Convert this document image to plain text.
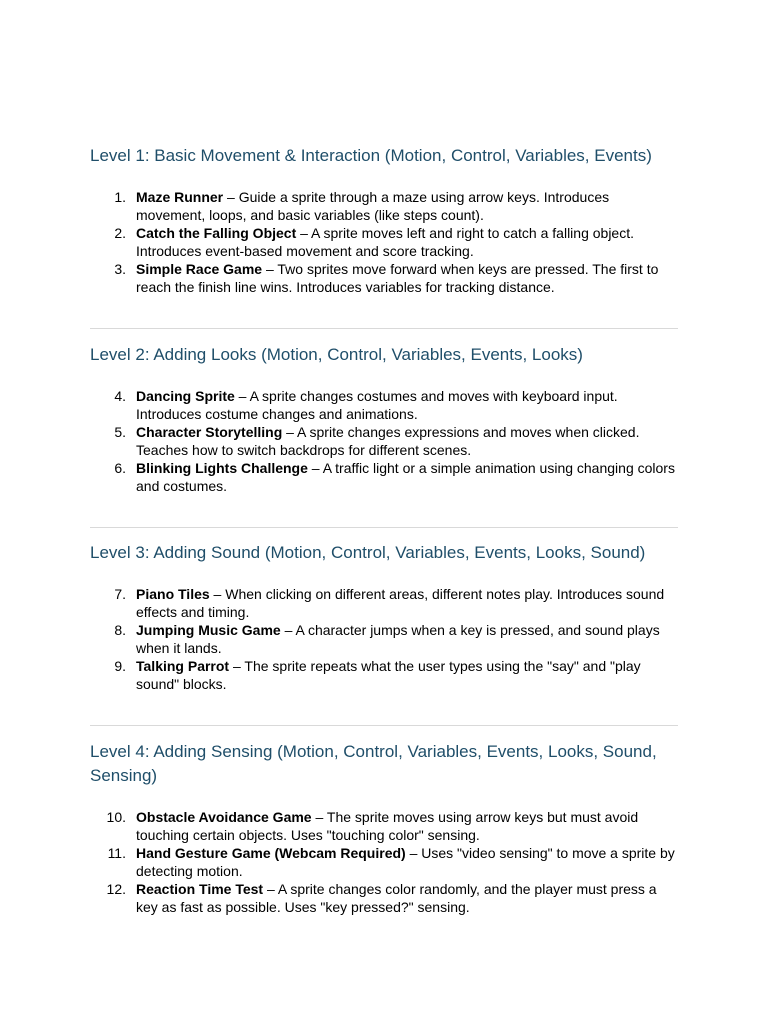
Level 1: Basic Movement & Interaction (Motion, Control, Variables, Events)
1. Maze Runner – Guide a sprite through a maze using arrow keys. Introduces movement, loops, and basic variables (like steps count).
2. Catch the Falling Object – A sprite moves left and right to catch a falling object. Introduces event-based movement and score tracking.
3. Simple Race Game – Two sprites move forward when keys are pressed. The first to reach the finish line wins. Introduces variables for tracking distance.
Level 2: Adding Looks (Motion, Control, Variables, Events, Looks)
4. Dancing Sprite – A sprite changes costumes and moves with keyboard input. Introduces costume changes and animations.
5. Character Storytelling – A sprite changes expressions and moves when clicked. Teaches how to switch backdrops for different scenes.
6. Blinking Lights Challenge – A traffic light or a simple animation using changing colors and costumes.
Level 3: Adding Sound (Motion, Control, Variables, Events, Looks, Sound)
7. Piano Tiles – When clicking on different areas, different notes play. Introduces sound effects and timing.
8. Jumping Music Game – A character jumps when a key is pressed, and sound plays when it lands.
9. Talking Parrot – The sprite repeats what the user types using the "say" and "play sound" blocks.
Level 4: Adding Sensing (Motion, Control, Variables, Events, Looks, Sound, Sensing)
10. Obstacle Avoidance Game – The sprite moves using arrow keys but must avoid touching certain objects. Uses "touching color" sensing.
11. Hand Gesture Game (Webcam Required) – Uses "video sensing" to move a sprite by detecting motion.
12. Reaction Time Test – A sprite changes color randomly, and the player must press a key as fast as possible. Uses "key pressed?" sensing.
